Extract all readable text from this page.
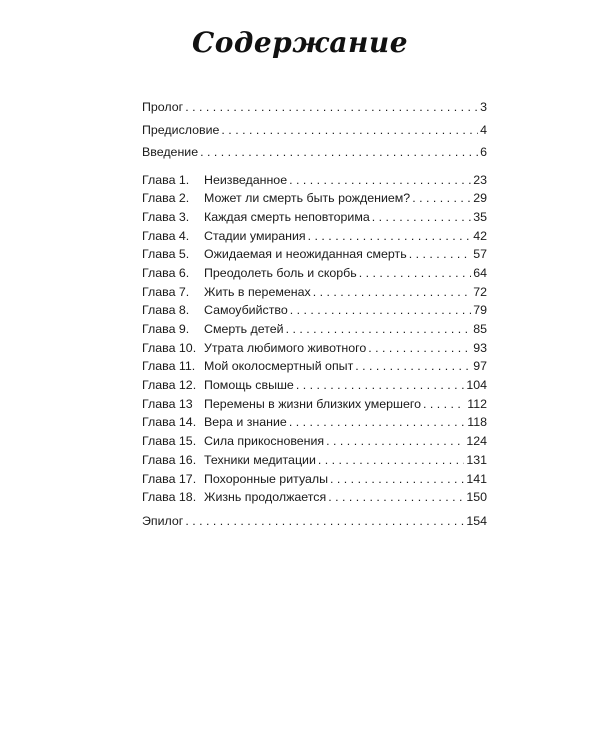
Содержание
Пролог . . .	3
Предисловие . . .	4
Введение . . .	6
Глава 1.	Неизведанное . . .	23
Глава 2.	Может ли смерть быть рождением? . . .	29
Глава 3.	Каждая смерть неповторима . . .	35
Глава 4.	Стадии умирания . . .	42
Глава 5.	Ожидаемая и неожиданная смерть . . .	57
Глава 6.	Преодолеть боль и скорбь . . .	64
Глава 7.	Жить в переменах . . .	72
Глава 8.	Самоубийство . . .	79
Глава 9.	Смерть детей . . .	85
Глава 10. Утрата любимого животного . . .	93
Глава 11. Мой околосмертный опыт . . .	97
Глава 12. Помощь свыше . . .	104
Глава 13 Перемены в жизни близких умершего . . .	112
Глава 14. Вера и знание . . .	118
Глава 15. Сила прикосновения . . .	124
Глава 16. Техники медитации . . .	131
Глава 17. Похоронные ритуалы . . .	141
Глава 18. Жизнь продолжается . . .	150
Эпилог . . .	154
